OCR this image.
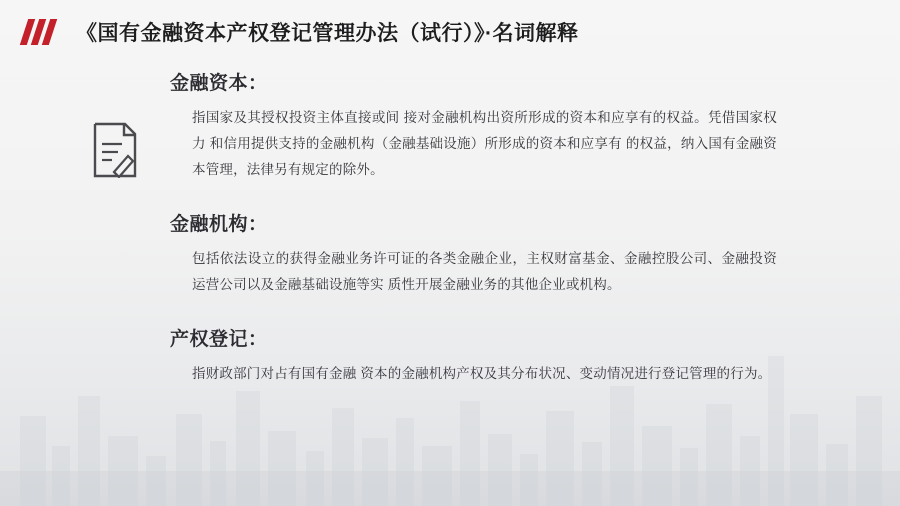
《国有金融资本产权登记管理办法（试行）》·名词解释
金融资本：
指国家及其授权投资主体直接或间 接对金融机构出资所形成的资本和应享有的权益。凭借国家权力 和信用提供支持的金融机构（金融基础设施）所形成的资本和应享有 的权益，纳入国有金融资本管理，法律另有规定的除外。
金融机构：
包括依法设立的获得金融业务许可证的各类金融企业，主权财富基金、金融控股公司、金融投资运营公司以及金融基础设施等实 质性开展金融业务的其他企业或机构。
产权登记：
指财政部门对占有国有金融 资本的金融机构产权及其分布状况、变动情况进行登记管理的行为。
